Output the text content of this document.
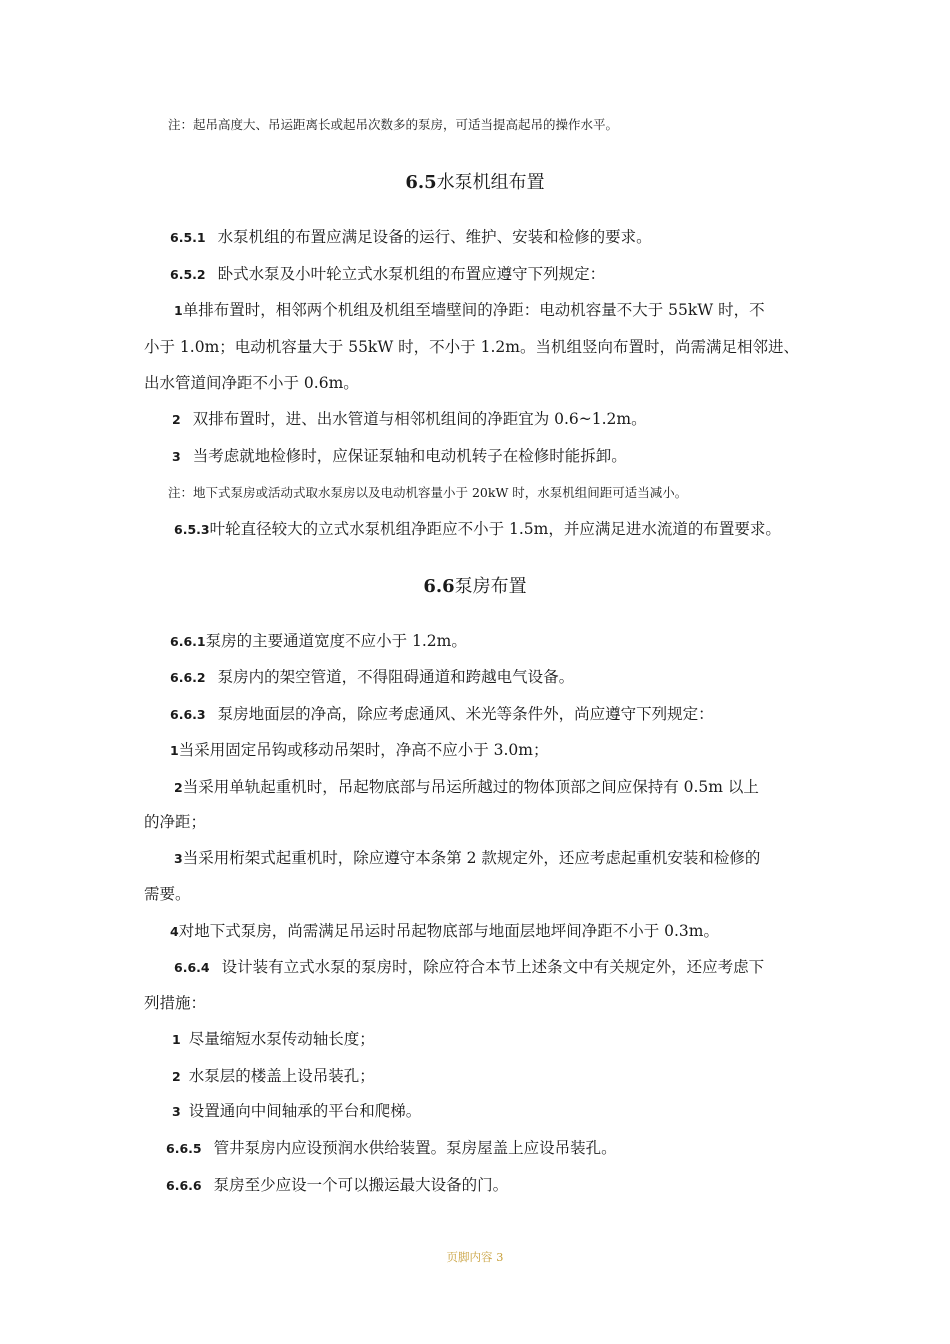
注：起吊高度大、吊运距离长或起吊次数多的泵房，可适当提高起吊的操作水平。
6.5水泵机组布置
6.5.1 水泵机组的布置应满足设备的运行、维护、安装和检修的要求。
6.5.2 卧式水泵及小叶轮立式水泵机组的布置应遵守下列规定：
1单排布置时，相邻两个机组及机组至墙壁间的净距：电动机容量不大于 55kW 时，不
小于 1.0m；电动机容量大于 55kW 时，不小于 1.2m。当机组竖向布置时，尚需满足相邻进、
出水管道间净距不小于 0.6m。
2 双排布置时，进、出水管道与相邻机组间的净距宜为 0.6~1.2m。
3 当考虑就地检修时，应保证泵轴和电动机转子在检修时能拆卸。
注：地下式泵房或活动式取水泵房以及电动机容量小于 20kW 时，水泵机组间距可适当减小。
6.5.3叶轮直径较大的立式水泵机组净距应不小于 1.5m，并应满足进水流道的布置要求。
6.6泵房布置
6.6.1泵房的主要通道宽度不应小于 1.2m。
6.6.2 泵房内的架空管道，不得阻碍通道和跨越电气设备。
6.6.3 泵房地面层的净高，除应考虑通风、米光等条件外，尚应遵守下列规定：
1当采用固定吊钩或移动吊架时，净高不应小于 3.0m；
2当采用单轨起重机时，吊起物底部与吊运所越过的物体顶部之间应保持有 0.5m 以上
的净距；
3当采用桁架式起重机时，除应遵守本条第 2 款规定外，还应考虑起重机安装和检修的
需要。
4对地下式泵房，尚需满足吊运时吊起物底部与地面层地坪间净距不小于 0.3m。
6.6.4 设计装有立式水泵的泵房时，除应符合本节上述条文中有关规定外，还应考虑下
列措施：
1 尽量缩短水泵传动轴长度；
2 水泵层的楼盖上设吊装孔；
3 设置通向中间轴承的平台和爬梯。
6.6.5 管井泵房内应设预润水供给装置。泵房屋盖上应设吊装孔。
6.6.6 泵房至少应设一个可以搬运最大设备的门。
页脚内容 3
